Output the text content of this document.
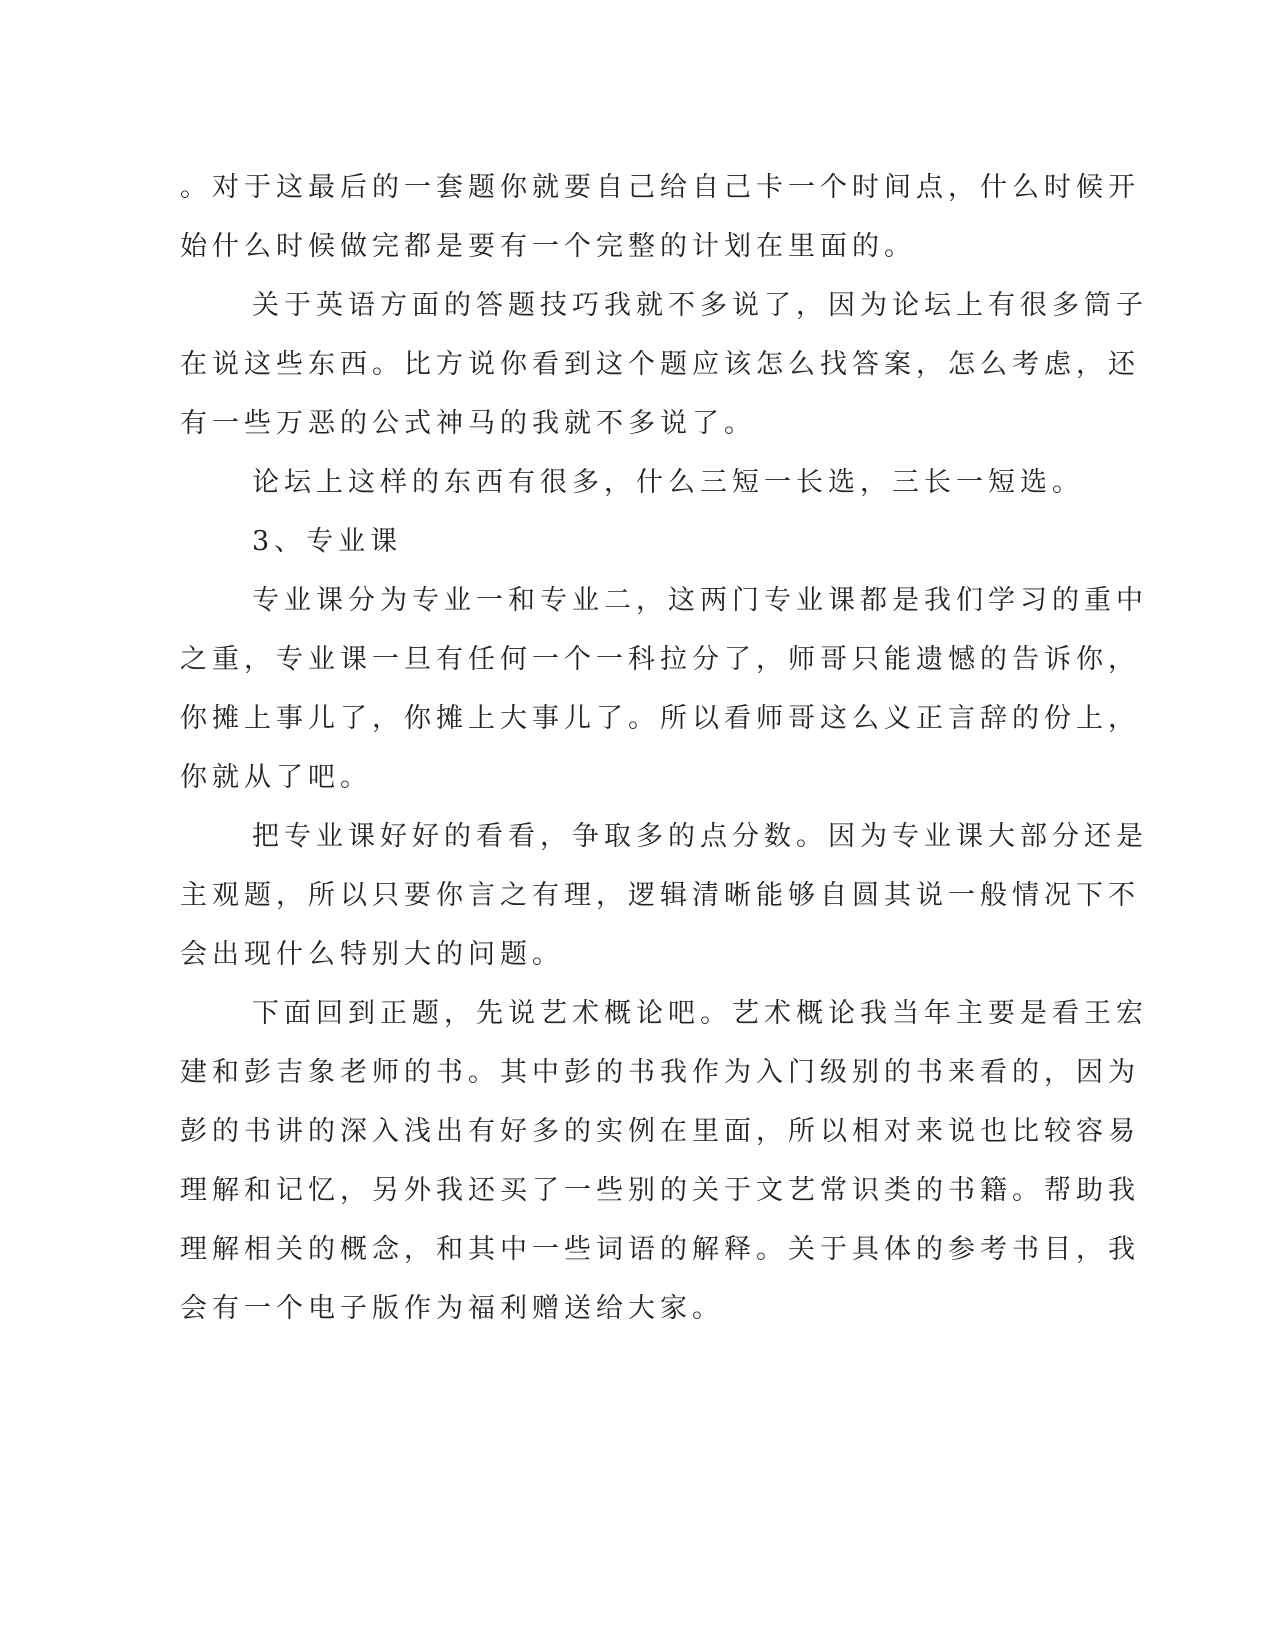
。对于这最后的一套题你就要自己给自己卡一个时间点，什么时候开
始什么时候做完都是要有一个完整的计划在里面的。
关于英语方面的答题技巧我就不多说了，因为论坛上有很多筒子
在说这些东西。比方说你看到这个题应该怎么找答案，怎么考虑，还
有一些万恶的公式神马的我就不多说了。
论坛上这样的东西有很多，什么三短一长选，三长一短选。
3、专业课
专业课分为专业一和专业二，这两门专业课都是我们学习的重中
之重，专业课一旦有任何一个一科拉分了，师哥只能遗憾的告诉你，
你摊上事儿了，你摊上大事儿了。所以看师哥这么义正言辞的份上，
你就从了吧。
把专业课好好的看看，争取多的点分数。因为专业课大部分还是
主观题，所以只要你言之有理，逻辑清晰能够自圆其说一般情况下不
会出现什么特别大的问题。
下面回到正题，先说艺术概论吧。艺术概论我当年主要是看王宏
建和彭吉象老师的书。其中彭的书我作为入门级别的书来看的，因为
彭的书讲的深入浅出有好多的实例在里面，所以相对来说也比较容易
理解和记忆，另外我还买了一些别的关于文艺常识类的书籍。帮助我
理解相关的概念，和其中一些词语的解释。关于具体的参考书目，我
会有一个电子版作为福利赠送给大家。
